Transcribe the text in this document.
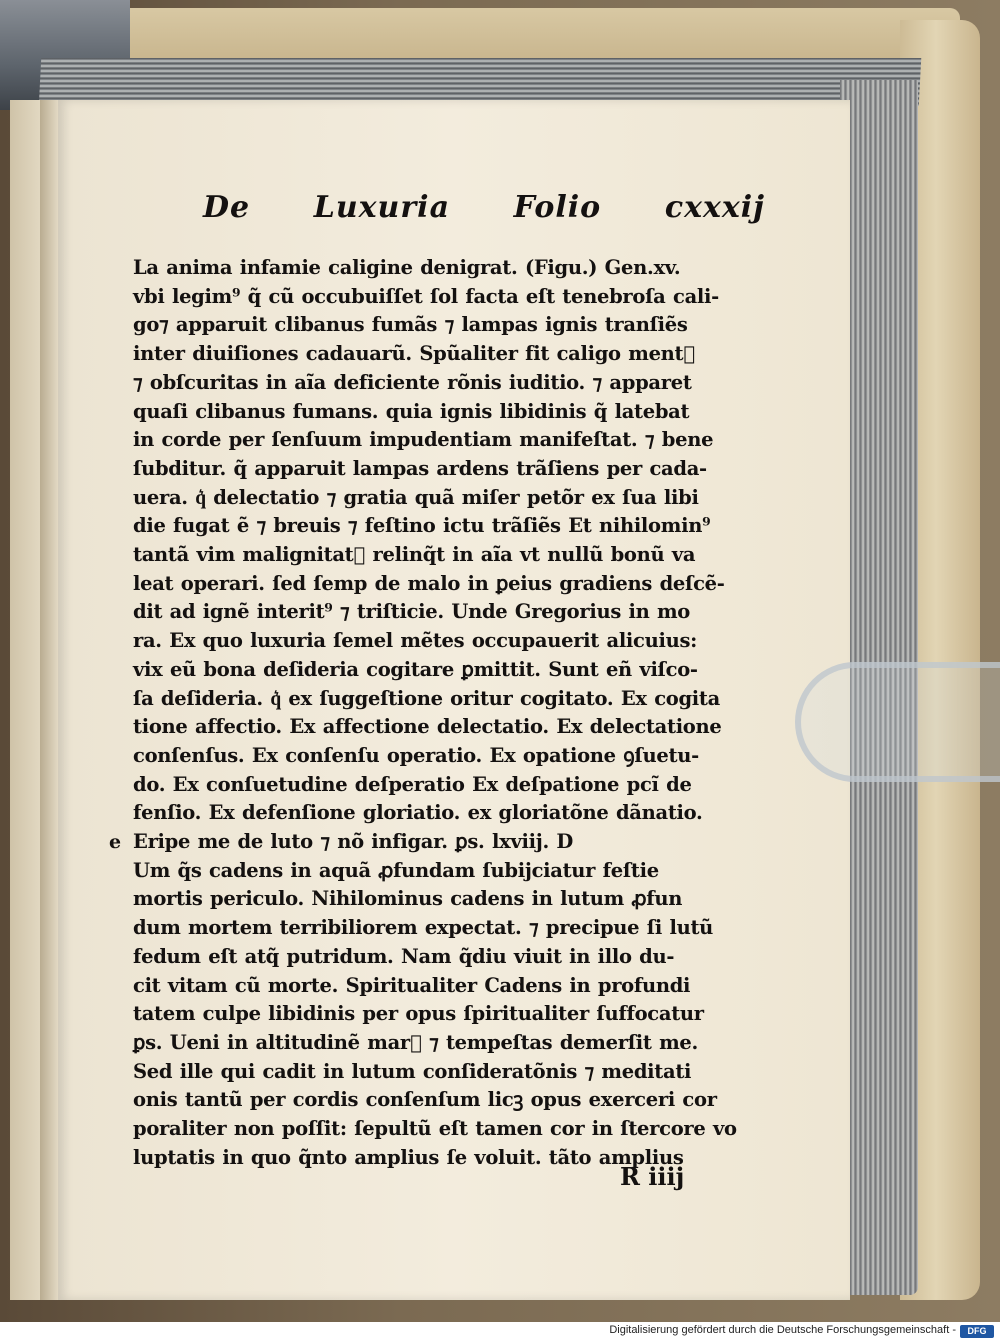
De Luxuria Folio cxxxij
La anima infamie caligine denigrat. (Figu.) Gen.xv.
vbi legim⁹ q̃ cũ occubuiſſet ſol facta eſt tenebroſa cali-
go⁊ apparuit clibanus fumãs ⁊ lampas ignis tranſiẽs
inter diuiſiones cadauarũ. Spũaliter fit caligo ment᷑
⁊ obſcuritas in aĩa deficiente rõnis iuditio. ⁊ apparet
quaſi clibanus fumans. quia ignis libidinis q̃ latebat
in corde per ſenſuum impudentiam manifeſtat. ⁊ bene
ſubditur. q̃ apparuit lampas ardens trãſiens per cada-
uera. q͛ delectatio ⁊ gratia quã miſer petõr ex ſua libi
die fugat ẽ ⁊ breuis ⁊ feſtino ictu trãſiẽs Et nihilomin⁹
tantã vim malignitat᷑ relinq̃t in aĩa vt nullũ bonũ va
leat operari. ſed ſemp de malo in ꝑeius gradiens deſcẽ-
dit ad ignẽ interit⁹ ⁊ triſticie. Unde Gregorius in mo
ra. Ex quo luxuria ſemel mẽtes occupauerit alicuius:
vix eũ bona deſideria cogitare ꝑmittit. Sunt eñ viſco-
ſa deſideria. q͛ ex ſuggeſtione oritur cogitato. Ex cogita
tione affectio. Ex affectione delectatio. Ex delectatione
conſenſus. Ex conſenſu operatio. Ex opatione ꝯſuetu-
do. Ex conſuetudine deſperatio Ex deſpatione pcĩ de
fenſio. Ex defenſione gloriatio. ex gloriatõne dãnatio.
e Eripe me de luto ⁊ nõ infigar. ꝑs. lxviij. D
Um q̃s cadens in aquã ꝓfundam ſubijciatur feſtie
mortis periculo. Nihilominus cadens in lutum ꝓfun
dum mortem terribiliorem expectat. ⁊ precipue ſi lutũ
fedum eſt atq̃ putridum. Nam q̃diu viuit in illo du-
cit vitam cũ morte. Spiritualiter Cadens in profundi
tatem culpe libidinis per opus ſpiritualiter ſuffocatur
ꝑs. Ueni in altitudinẽ mar᷑ ⁊ tempeſtas demerſit me.
Sed ille qui cadit in lutum conſideratõnis ⁊ meditati
onis tantũ per cordis conſenſum licꝫ opus exerceri cor
poraliter non poſſit: ſepultũ eſt tamen cor in ſtercore vo
luptatis in quo q̃nto amplius ſe voluit. tãto amplius
R iiij
Digitalisierung gefördert durch die Deutsche Forschungsgemeinschaft -	DFG
